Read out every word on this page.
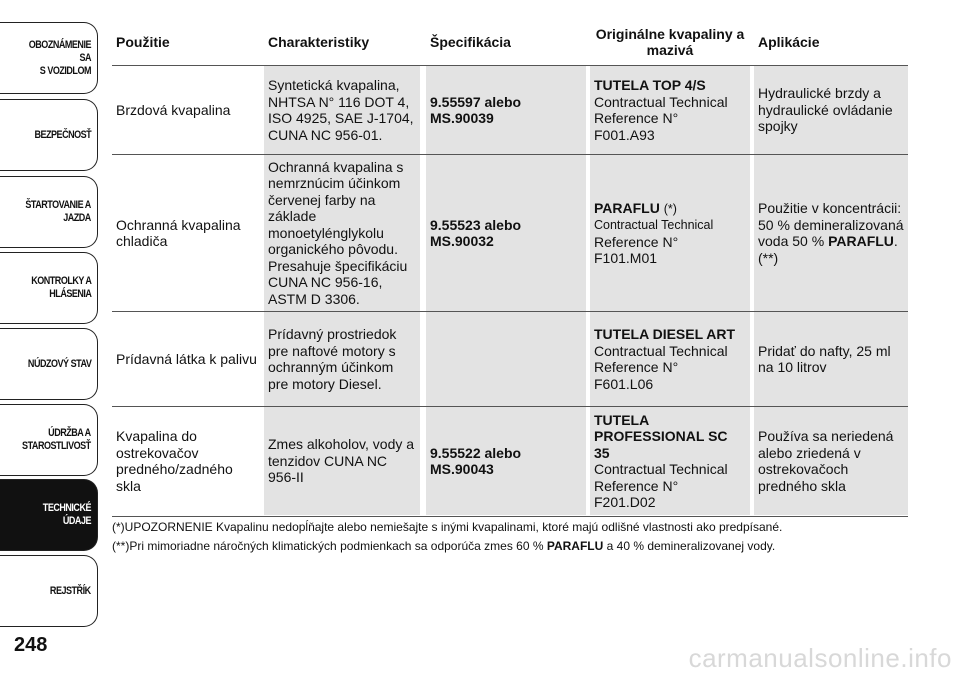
OBOZNÁMENIE SA
S VOZIDLOM
BEZPEČNOSŤ
ŠTARTOVANIE A
JAZDA
KONTROLKY A
HLÁSENIA
NÚDZOVÝ STAV
ÚDRŽBA A
STAROSTLIVOSŤ
TECHNICKÉ ÚDAJE
REJSTŘÍK
248
Použitie	Charakteristiky	Špecifikácia
Originálne kvapaliny a mazivá
Aplikácie
Brzdová kvapalina
Syntetická kvapalina, NHTSA N° 116 DOT 4, ISO 4925, SAE J-1704, CUNA NC 956-01.
9.55597 alebo MS.90039
TUTELA TOP 4/S
Contractual Technical
Reference N°
F001.A93
Hydraulické brzdy a hydraulické ovládanie spojky
Ochranná kvapalina chladiča
Ochranná kvapalina s nemrznúcim účinkom červenej farby na základe monoetylénglykolu organického pôvodu. Presahuje špecifikáciu CUNA NC 956-16, ASTM D 3306.
9.55523 alebo MS.90032
PARAFLU (*)
Contractual Technical
Reference N°
F101.M01
Použitie v koncentrácii: 50 % demineralizovaná voda 50 % PARAFLU. (**)
Prídavná látka k palivu
Prídavný prostriedok pre naftové motory s ochranným účinkom pre motory Diesel.
TUTELA DIESEL ART
Contractual Technical
Reference N°
F601.L06
Pridať do nafty, 25 ml na 10 litrov
Kvapalina do ostrekovačov predného/zadného skla
Zmes alkoholov, vody a tenzidov CUNA NC 956-II
9.55522 alebo MS.90043
TUTELA PROFESSIONAL SC 35
Contractual Technical
Reference N°
F201.D02
Používa sa neriedená alebo zriedená v ostrekovačoch predného skla
(*)UPOZORNENIE Kvapalinu nedopĺňajte alebo nemiešajte s inými kvapalinami, ktoré majú odlišné vlastnosti ako predpísané.
(**)Pri mimoriadne náročných klimatických podmienkach sa odporúča zmes 60 % PARAFLU a 40 % demineralizovanej vody.
carmanualsonline.info
